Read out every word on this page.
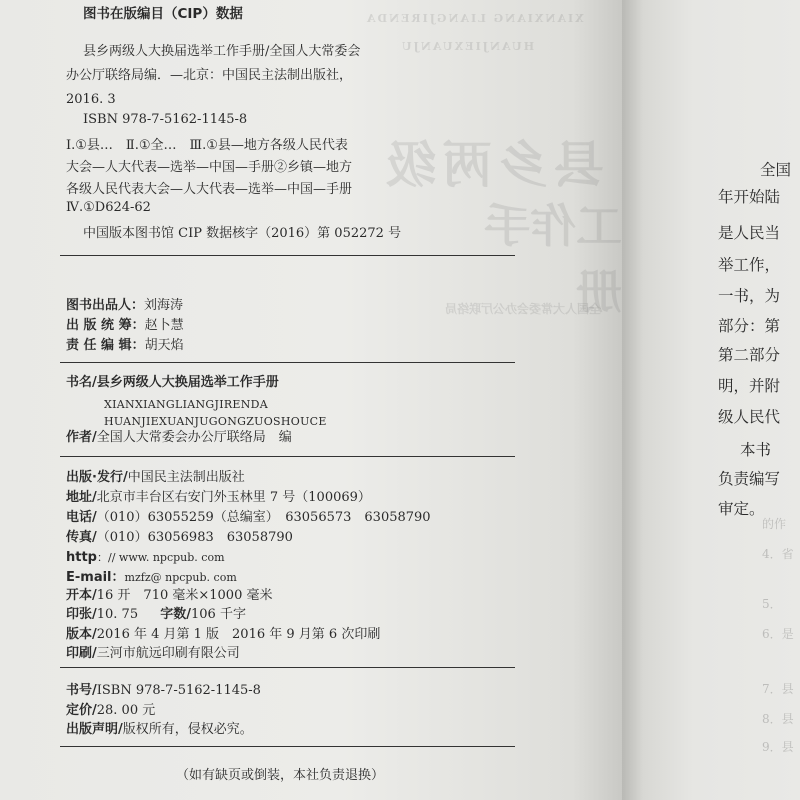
XIANXIANG LIANGJIRENDA
HUANJIEXUANJU
县乡两级
工作手册
全国人大常委会办公厅联络局
图书在版编目（CIP）数据
县乡两级人大换届选举工作手册/全国人大常委会
办公厅联络局编．—北京：中国民主法制出版社，
2016. 3
ISBN 978-7-5162-1145-8
Ⅰ.①县…　Ⅱ.①全…　Ⅲ.①县—地方各级人民代表
大会—人大代表—选举—中国—手册②乡镇—地方
各级人民代表大会—人大代表—选举—中国—手册
Ⅳ.①D624-62
中国版本图书馆 CIP 数据核字（2016）第 052272 号
图书出品人：刘海涛
出 版 统 筹：赵卜慧
责 任 编 辑：胡天焰
书名/县乡两级人大换届选举工作手册
XIANXIANGLIANGJIRENDA
HUANJIEXUANJUGONGZUOSHOUCE
作者/全国人大常委会办公厅联络局　编
出版·发行/中国民主法制出版社
地址/北京市丰台区右安门外玉林里 7 号（100069）
电话/（010）63055259（总编室）　63056573　63058790
传真/（010）63056983　63058790
http：// www. npcpub. com
E-mail：mzfz@ npcpub. com
开本/16 开　710 毫米×1000 毫米
印张/10. 75 字数/106 千字
版本/2016 年 4 月第 1 版　2016 年 9 月第 6 次印刷
印刷/三河市航远印刷有限公司
书号/ISBN 978-7-5162-1145-8
定价/28. 00 元
出版声明/版权所有，侵权必究。
（如有缺页或倒装，本社负责退换）
全国
年开始陆
是人民当
举工作，
一书，为
部分：第
第二部分
明，并附
级人民代
本书
负责编写
审定。
的作
4．省
5．
6．是
7．县
8．县
9．县
